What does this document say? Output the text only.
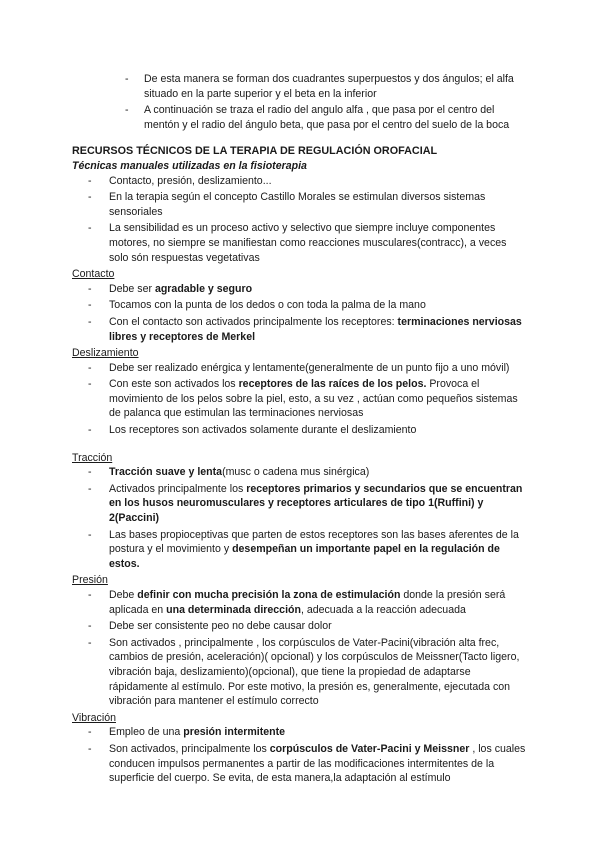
- De esta manera se forman dos cuadrantes superpuestos y dos ángulos; el alfa situado en la parte superior y el beta en la inferior
- A continuación se traza el radio del angulo alfa , que pasa por el centro del mentón y el radio del ángulo beta, que pasa por el centro del suelo de la boca
RECURSOS TÉCNICOS DE LA TERAPIA DE REGULACIÓN OROFACIAL
Técnicas manuales utilizadas en la fisioterapia
- Contacto, presión, deslizamiento...
- En la terapia según el concepto Castillo Morales se estimulan diversos sistemas sensoriales
- La sensibilidad es un proceso activo y selectivo que siempre incluye componentes motores, no siempre se manifiestan como reacciones musculares(contracc), a veces solo són respuestas vegetativas
Contacto
- Debe ser agradable y seguro
- Tocamos con la punta de los dedos o con toda la palma de la mano
- Con el contacto son activados principalmente los receptores: terminaciones nerviosas libres y receptores de Merkel
Deslizamiento
- Debe ser realizado enérgica y lentamente(generalmente de un punto fijo a uno móvil)
- Con este son activados los receptores de las raíces de los pelos. Provoca el movimiento de los pelos sobre la piel, esto, a su vez , actúan como pequeños sistemas de palanca que estimulan las terminaciones nerviosas
- Los receptores son activados solamente durante el deslizamiento
Tracción
- Tracción suave y lenta(musc o cadena mus sinérgica)
- Activados principalmente los receptores primarios y secundarios que se encuentran en los husos neuromusculares y receptores articulares de tipo 1(Ruffini) y 2(Paccini)
- Las bases propioceptivas que parten de estos receptores son las bases aferentes de la postura y el movimiento y desempeñan un importante papel en la regulación de estos.
Presión
- Debe definir con mucha precisión la zona de estimulación donde la presión será aplicada en una determinada dirección, adecuada a la reacción adecuada
- Debe ser consistente peo no debe causar dolor
- Son activados , principalmente , los corpúsculos de Vater-Pacini(vibración alta frec, cambios de presión, aceleración)( opcional) y los corpúsculos de Meissner(Tacto ligero, vibración baja, deslizamiento)(opcional), que tiene la propiedad de adaptarse rápidamente al estímulo. Por este motivo, la presión es, generalmente, ejecutada con vibración para mantener el estímulo correcto
Vibración
- Empleo de una presión intermitente
- Son activados, principalmente los corpúsculos de Vater-Pacini y Meissner , los cuales conducen impulsos permanentes a partir de las modificaciones intermitentes de la superficie del cuerpo. Se evita, de esta manera,la adaptación al estímulo
